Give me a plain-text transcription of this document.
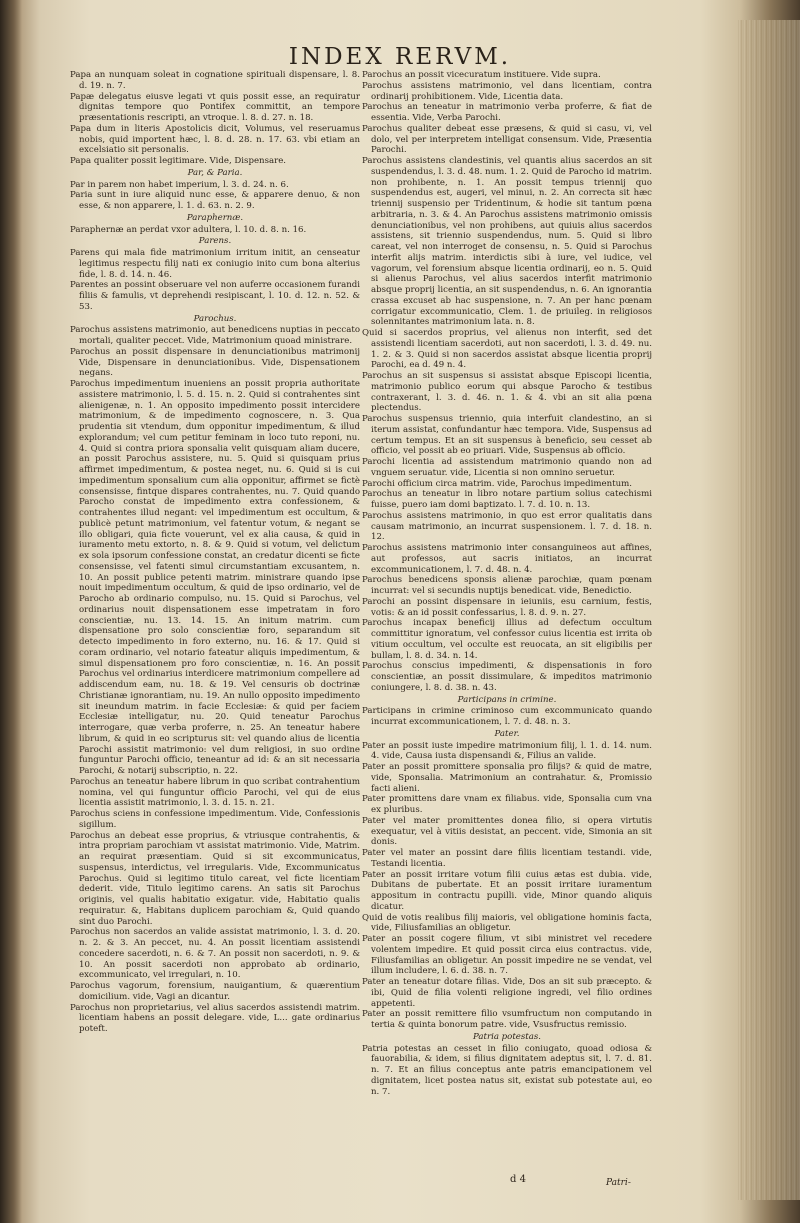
INDEX RERVM.

Papa an nunquam soleat in cognatione spirituali dispensare, l. 8. d. 19. n. 7.

Papæ delegatus eiusve legati vt quis possit esse, an requiratur dignitas tempore quo Pontifex committit, an tempore præsentationis rescripti, an vtroque. l. 8. d. 27. n. 18.

Papa dum in literis Apostolicis dicit, Volumus, vel reseruamus nobis, quid importent hæc, l. 8. d. 28. n. 17. 63. vbi etiam an excelsiatio sit personalis.

Papa qualiter possit legitimare. Vide, Dispensare.

Par, & Paria.

Par in parem non habet imperium, l. 3. d. 24. n. 6.

Paria sunt in iure aliquid nunc esse, & apparere denuo, & non esse, & non apparere, l. 1. d. 63. n. 2. 9.

Paraphernæ.

Paraphernæ an perdat vxor adultera, l. 10. d. 8. n. 16.

Parens.

Parens qui mala fide matrimonium irritum initit, an censeatur legitimus respectu filij nati ex coniugio inito cum bona alterius fide, l. 8. d. 14. n. 46.

Parentes an possint obseruare vel non auferre occasionem furandi filiis & famulis, vt deprehendi resipiscant, l. 10. d. 12. n. 52. & 53.

Parochus.

Parochus assistens matrimonio, aut benedicens nuptias in peccato mortali, qualiter peccet. Vide, Matrimonium quoad ministrare.

Parochus an possit dispensare in denunciationibus matrimonij Vide, Dispensare in denunciationibus. Vide, Dispensationem negans.

Parochus impedimentum inueniens an possit propria authoritate assistere matrimonio, l. 5. d. 15. n. 2. Quid si contrahentes sint alienigenæ, n. 1. An opposito impedimento possit intercidere matrimonium, & de impedimento cognoscere, n. 3. Qua prudentia sit vtendum, dum opponitur impedimentum, & illud explorandum; vel cum petitur feminam in loco tuto reponi, nu. 4. Quid si contra priora sponsalia velit quisquam aliam ducere, an possit Parochus assistere, nu. 5. Quid si quisquam prius affirmet impedimentum, & postea neget, nu. 6. Quid si is cui impedimentum sponsalium cum alia opponitur, affirmet se fictè consensisse, fintque dispares contrahentes, nu. 7. Quid quando Parocho constat de impedimento extra confessionem, & contrahentes illud negant: vel impedimentum est occultum, & publicè petunt matrimonium, vel fatentur votum, & negant se illo obligari, quia ficte vouerunt, vel ex alia causa, & quid in iuramento metu extorto, n. 8. & 9. Quid si votum, vel delictum ex sola ipsorum confessione constat, an credatur dicenti se ficte consensisse, vel fatenti simul circumstantiam excusantem, n. 10. An possit publice petenti matrim. ministrare quando ipse nouit impedimentum occultum, & quid de ipso ordinario, vel de Parocho ab ordinario compulso, nu. 15. Quid si Parochus, vel ordinarius nouit dispensationem esse impetratam in foro conscientiæ, nu. 13. 14. 15. An initum matrim. cum dispensatione pro solo conscientiæ foro, separandum sit detecto impedimento in foro externo, nu. 16. & 17. Quid si coram ordinario, vel notario fateatur aliquis impedimentum, & simul dispensationem pro foro conscientiæ, n. 16. An possit Parochus vel ordinarius interdicere matrimonium compellere ad addiscendum eam, nu. 18. & 19. Vel censuris ob doctrinæ Christianæ ignorantiam, nu. 19. An nullo opposito impedimento sit ineundum matrim. in facie Ecclesiæ: & quid per faciem Ecclesiæ intelligatur, nu. 20. Quid teneatur Parochus interrogare, quæ verba proferre, n. 25. An teneatur habere librum, & quid in eo scripturus sit: vel quando alius de licentia Parochi assistit matrimonio: vel dum religiosi, in suo ordine funguntur Parochi officio, teneantur ad id: & an sit necessaria Parochi, & notarij subscriptio, n. 22.

Parochus an teneatur habere librum in quo scribat contrahentium nomina, vel qui funguntur officio Parochi, vel qui de eius licentia assistit matrimonio, l. 3. d. 15. n. 21.

Parochus sciens in confessione impedimentum. Vide, Confessionis sigillum.

Parochus an debeat esse proprius, & vtriusque contrahentis, & intra propriam parochiam vt assistat matrimonio. Vide, Matrim. an requirat præsentiam. Quid si sit excommunicatus, suspensus, interdictus, vel irregularis. Vide, Excommunicatus Parochus. Quid si legitimo titulo careat, vel ficte licentiam dederit. vide, Titulo legitimo carens. An satis sit Parochus originis, vel qualis habitatio exigatur. vide, Habitatio qualis requiratur. &, Habitans duplicem parochiam &, Quid quando sint duo Parochi.

Parochus non sacerdos an valide assistat matrimonio, l. 3. d. 20. n. 2. & 3. An peccet, nu. 4. An possit licentiam assistendi concedere sacerdoti, n. 6. & 7. An possit non sacerdoti, n. 9. & 10. An possit sacerdoti non approbato ab ordinario, excommunicato, vel irregulari, n. 10.

Parochus vagorum, forensium, nauigantium, & quærentium domicilium. vide, Vagi an dicantur.

Parochus non proprietarius, vel alius sacerdos assistendi matrim. licentiam habens an possit delegare. vide, L... gate ordinarius poteft.

Parochus an possit vicecuratum instituere. Vide supra.

Parochus assistens matrimonio, vel dans licentiam, contra ordinarij prohibitionem. Vide, Licentia data.

Parochus an teneatur in matrimonio verba proferre, & fiat de essentia. Vide, Verba Parochi.

Parochus qualiter debeat esse præsens, & quid si casu, vi, vel dolo, vel per interpretem intelligat consensum. Vide, Præsentia Parochi.

Parochus assistens clandestinis, vel quantis alius sacerdos an sit suspendendus, l. 3. d. 48. num. 1. 2. Quid de Parocho id matrim. non prohibente, n. 1. An possit tempus triennij quo suspendendus est, augeri, vel minui, n. 2. An correcta sit hæc triennij suspensio per Tridentinum, & hodie sit tantum pœna arbitraria, n. 3. & 4. An Parochus assistens matrimonio omissis denunciationibus, vel non prohibens, aut quiuis alius sacerdos assistens, sit triennio suspendendus, num. 5. Quid si libro careat, vel non interroget de consensu, n. 5. Quid si Parochus interfit alijs matrim. interdictis sibi à iure, vel iudice, vel vagorum, vel forensium absque licentia ordinarij, eo n. 5. Quid si alienus Parochus, vel alius sacerdos interfit matrimonio absque proprij licentia, an sit suspendendus, n. 6. An ignorantia crassa excuset ab hac suspensione, n. 7. An per hanc pœnam corrigatur excommunicatio, Clem. 1. de priuileg. in religiosos solennitantes matrimonium lata. n. 8.

Quid si sacerdos proprius, vel alienus non interfit, sed det assistendi licentiam sacerdoti, aut non sacerdoti, l. 3. d. 49. nu. 1. 2. & 3. Quid si non sacerdos assistat absque licentia proprij Parochi, ea d. 49 n. 4.

Parochus an sit suspensus si assistat absque Episcopi licentia, matrimonio publico eorum qui absque Parocho & testibus contraxerant, l. 3. d. 46. n. 1. & 4. vbi an sit alia pœna plectendus.

Parochus suspensus triennio, quia interfuit clandestino, an si iterum assistat, confundantur hæc tempora. Vide, Suspensus ad certum tempus. Et an sit suspensus à beneficio, seu cesset ab officio, vel possit ab eo priuari. Vide, Suspensus ab officio.

Parochi licentia ad assistendum matrimonio quando non ad vnguem seruatur. vide, Licentia si non omnino seruetur.

Parochi officium circa matrim. vide, Parochus impedimentum.

Parochus an teneatur in libro notare partium solius catechismi fuisse, puero iam domi baptizato. l. 7. d. 10. n. 13.

Parochus assistens matrimonio, in quo est error qualitatis dans causam matrimonio, an incurrat suspensionem. l. 7. d. 18. n. 12.

Parochus assistens matrimonio inter consanguineos aut affines, aut professos, aut sacris initiatos, an incurrat excommunicationem, l. 7. d. 48. n. 4.

Parochus benedicens sponsis alienæ parochiæ, quam pœnam incurrat: vel si secundis nuptijs benedicat. vide, Benedictio.

Parochi an possint dispensare in ieiuniis, esu carnium, festis, votis: & an id possit confessarius, l. 8. d. 9. n. 27.

Parochus incapax beneficij illius ad defectum occultum committitur ignoratum, vel confessor cuius licentia est irrita ob vitium occultum, vel occulte est reuocata, an sit eligibilis per bullam, l. 8. d. 34. n. 14.

Parochus conscius impedimenti, & dispensationis in foro conscientiæ, an possit dissimulare, & impeditos matrimonio coniungere, l. 8. d. 38. n. 43.

Participans in crimine.

Participans in crimine criminoso cum excommunicato quando incurrat excommunicationem, l. 7. d. 48. n. 3.

Pater.

Pater an possit iuste impedire matrimonium filij, l. 1. d. 14. num. 4. vide, Causa iusta dispensandi &, Filius an valide.

Pater an possit promittere sponsalia pro filijs? & quid de matre, vide, Sponsalia. Matrimonium an contrahatur. &, Promissio facti alieni.

Pater promittens dare vnam ex filiabus. vide, Sponsalia cum vna ex pluribus.

Pater vel mater promittentes donea filio, si opera virtutis exequatur, vel à vitiis desistat, an peccent. vide, Simonia an sit donis.

Pater vel mater an possint dare filiis licentiam testandi. vide, Testandi licentia.

Pater an possit irritare votum filii cuius ætas est dubia. vide, Dubitans de pubertate. Et an possit irritare iuramentum appositum in contractu pupilli. vide, Minor quando aliquis dicatur.

Quid de votis realibus filij maioris, vel obligatione hominis facta, vide, Filiusfamilias an obligetur.

Pater an possit cogere filium, vt sibi ministret vel recedere volentem impedire. Et quid possit circa eius contractus. vide, Filiusfamilias an obligetur. An possit impedire ne se vendat, vel illum includere, l. 6. d. 38. n. 7.

Pater an teneatur dotare filias. Vide, Dos an sit sub præcepto. & ibi, Quid de filia volenti religione ingredi, vel filio ordines appetenti.

Pater an possit remittere filio vsumfructum non computando in tertia & quinta bonorum patre. vide, Vsusfructus remissio.

Patria potestas.

Patria potestas an cesset in filio coniugato, quoad odiosa & fauorabilia, & idem, si filius dignitatem adeptus sit, l. 7. d. 81. n. 7. Et an filius conceptus ante patris emancipationem vel dignitatem, licet postea natus sit, existat sub potestate aui, eo n. 7.

d 4	Patri-
